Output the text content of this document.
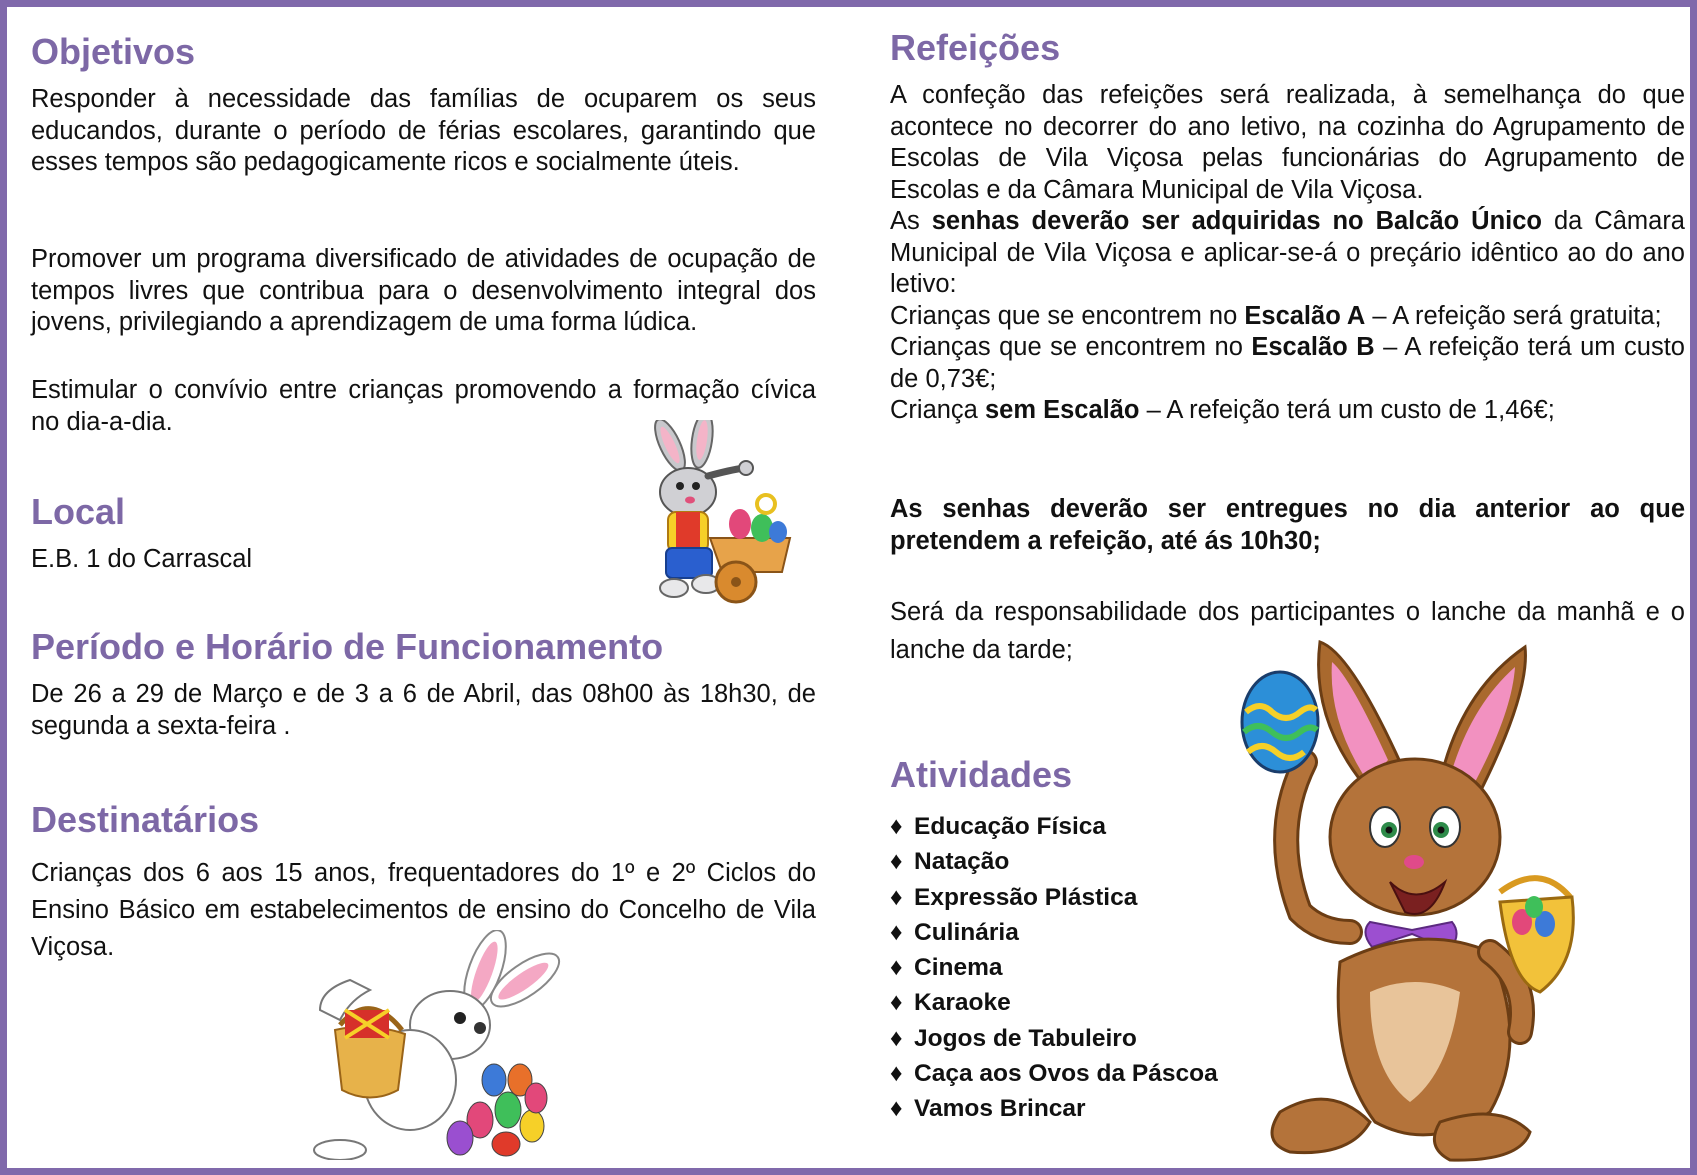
Objetivos

Responder à necessidade das famílias de ocuparem os seus educandos, durante o período de férias escolares, garantindo que esses tempos são pedagogicamente ricos e socialmente úteis.

Promover um programa diversificado de atividades de ocupação de tempos livres que contribua para o desenvolvimento integral dos jovens, privilegiando a aprendizagem de uma forma lúdica.

Estimular o convívio entre crianças promovendo a formação cívica no dia-a-dia.

Local

E.B. 1 do Carrascal

Período e Horário de Funcionamento

De 26 a 29 de Março e de 3 a 6 de Abril, das 08h00 às 18h30, de segunda a sexta-feira .

Destinatários

Crianças dos 6 aos 15 anos, frequentadores do 1º e 2º Ciclos do Ensino Básico em estabelecimentos de ensino do Concelho de Vila Viçosa.

Refeições

A confeção das refeições será realizada, à semelhança do que acontece no decorrer do ano letivo, na cozinha do Agrupamento de Escolas de Vila Viçosa pelas funcionárias do Agrupamento de Escolas e da Câmara Municipal de Vila Viçosa.

As senhas deverão ser adquiridas no Balcão Único da Câmara Municipal de Vila Viçosa e aplicar-se-á o preçário idêntico ao do ano letivo:

Crianças que se encontrem no Escalão A – A refeição será gratuita;

Crianças que se encontrem no Escalão B – A refeição terá um custo de 0,73€;

Criança sem Escalão – A refeição terá um custo de 1,46€;

As senhas deverão ser entregues no dia anterior ao que pretendem a refeição, até ás 10h30;

Será da responsabilidade dos participantes o lanche da manhã e o lanche da tarde;

Atividades
♦ Educação Física
♦ Natação
♦ Expressão Plástica
♦ Culinária
♦ Cinema
♦ Karaoke
♦ Jogos de Tabuleiro
♦ Caça aos Ovos da Páscoa
♦ Vamos Brincar
